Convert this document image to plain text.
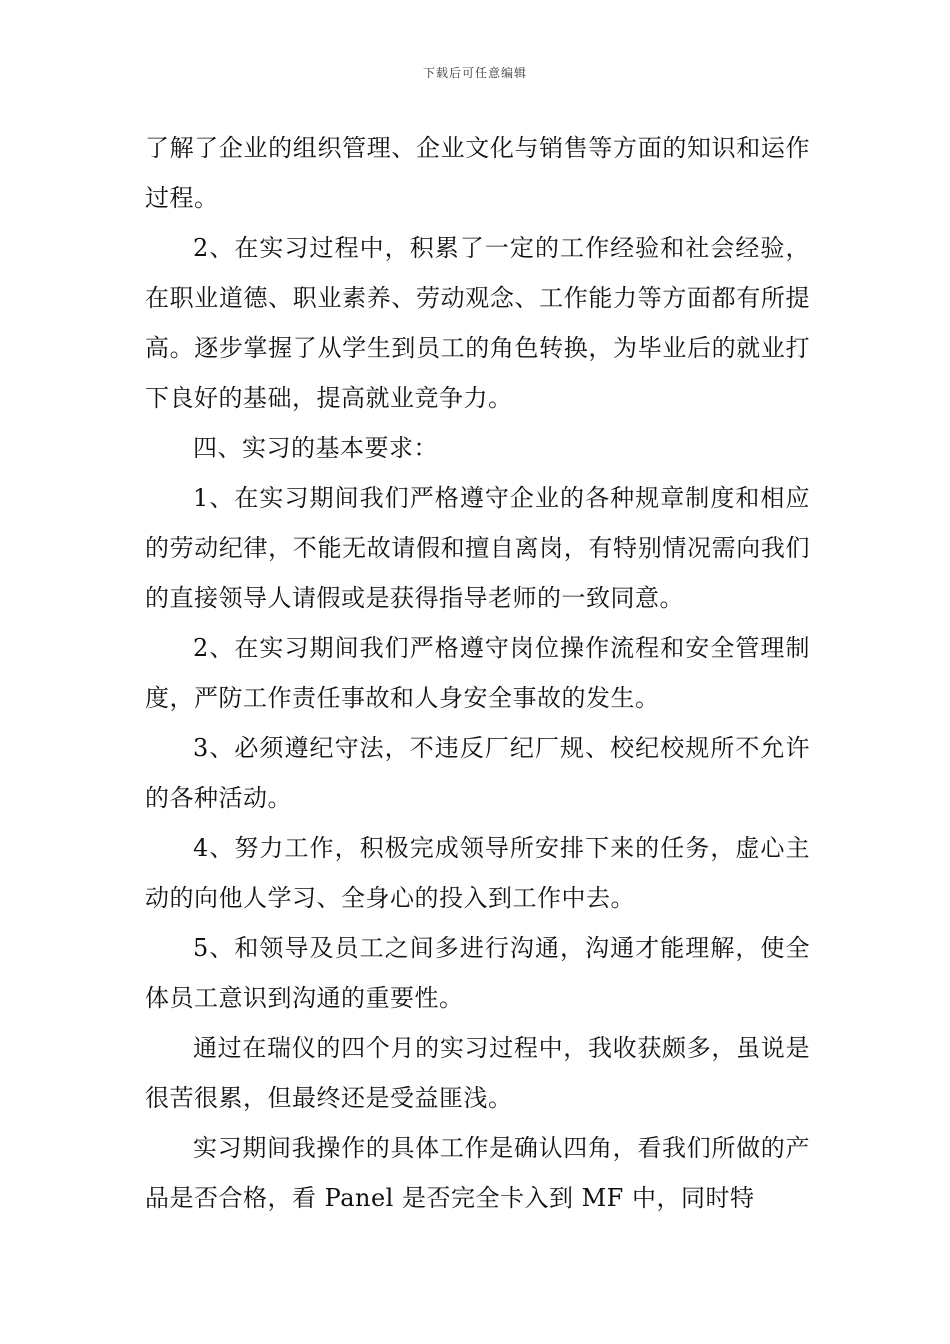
下载后可任意编辑

了解了企业的组织管理、企业文化与销售等方面的知识和运作过程。

2、在实习过程中，积累了一定的工作经验和社会经验，在职业道德、职业素养、劳动观念、工作能力等方面都有所提高。逐步掌握了从学生到员工的角色转换，为毕业后的就业打下良好的基础，提高就业竞争力。

四、实习的基本要求：

1、在实习期间我们严格遵守企业的各种规章制度和相应的劳动纪律，不能无故请假和擅自离岗，有特别情况需向我们的直接领导人请假或是获得指导老师的一致同意。

2、在实习期间我们严格遵守岗位操作流程和安全管理制度，严防工作责任事故和人身安全事故的发生。

3、必须遵纪守法，不违反厂纪厂规、校纪校规所不允许的各种活动。

4、努力工作，积极完成领导所安排下来的任务，虚心主动的向他人学习、全身心的投入到工作中去。

5、和领导及员工之间多进行沟通，沟通才能理解，使全体员工意识到沟通的重要性。

通过在瑞仪的四个月的实习过程中，我收获颇多，虽说是很苦很累，但最终还是受益匪浅。

实习期间我操作的具体工作是确认四角，看我们所做的产品是否合格，看 Panel 是否完全卡入到 MF 中，同时特
